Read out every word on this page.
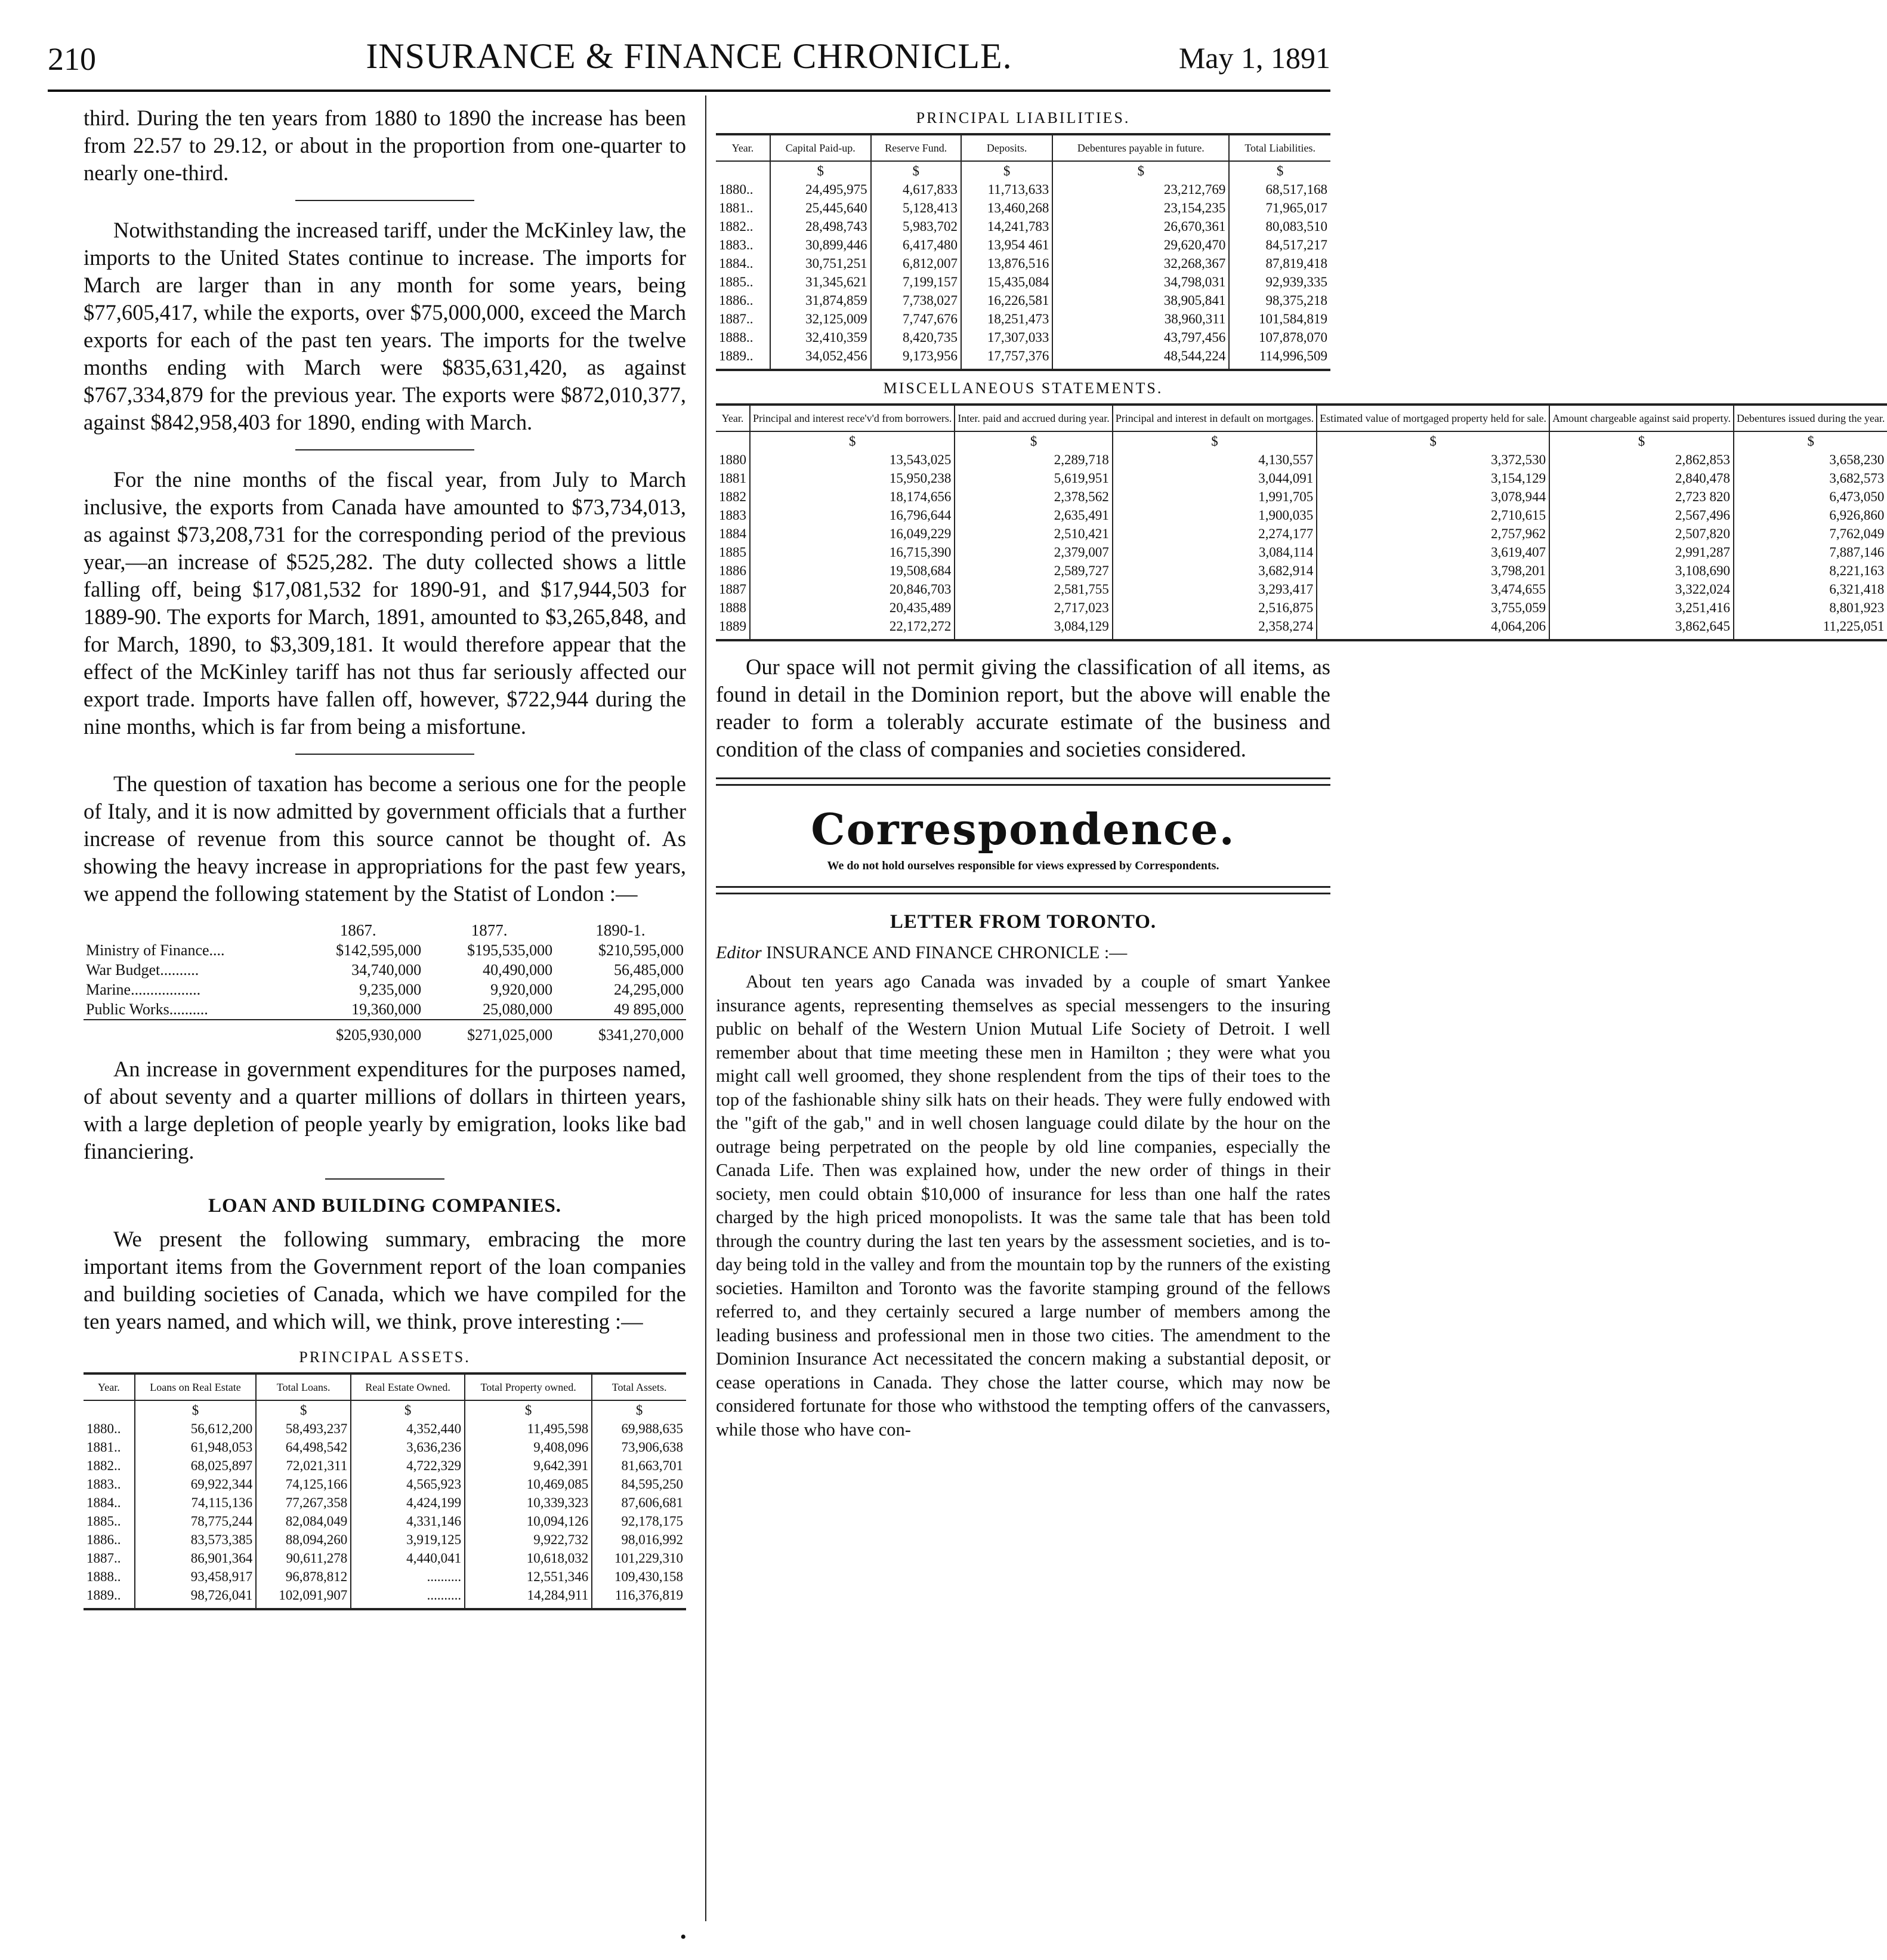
210	INSURANCE & FINANCE CHRONICLE.	May 1, 1891

third. During the ten years from 1880 to 1890 the increase has been from 22.57 to 29.12, or about in the proportion from one-quarter to nearly one-third.

Notwithstanding the increased tariff, under the McKinley law, the imports to the United States continue to increase. The imports for March are larger than in any month for some years, being $77,605,417, while the exports, over $75,000,000, exceed the March exports for each of the past ten years. The imports for the twelve months ending with March were $835,631,420, as against $767,334,879 for the previous year. The exports were $872,010,377, against $842,958,403 for 1890, ending with March.

For the nine months of the fiscal year, from July to March inclusive, the exports from Canada have amounted to $73,734,013, as against $73,208,731 for the corresponding period of the previous year,—an increase of $525,282. The duty collected shows a little falling off, being $17,081,532 for 1890-91, and $17,944,503 for 1889-90. The exports for March, 1891, amounted to $3,265,848, and for March, 1890, to $3,309,181. It would therefore appear that the effect of the McKinley tariff has not thus far seriously affected our export trade. Imports have fallen off, however, $722,944 during the nine months, which is far from being a misfortune.

The question of taxation has become a serious one for the people of Italy, and it is now admitted by government officials that a further increase of revenue from this source cannot be thought of. As showing the heavy increase in appropriations for the past few years, we append the following statement by the Statist of London :—

	1867.	1877.	1890-1.
Ministry of Finance....	$142,595,000	$195,535,000	$210,595,000
War Budget..........	34,740,000	40,490,000	56,485,000
Marine..................	9,235,000	9,920,000	24,295,000
Public Works..........	19,360,000	25,080,000	49 895,000
	$205,930,000	$271,025,000	$341,270,000

An increase in government expenditures for the purposes named, of about seventy and a quarter millions of dollars in thirteen years, with a large depletion of people yearly by emigration, looks like bad financiering.

LOAN AND BUILDING COMPANIES.

We present the following summary, embracing the more important items from the Government report of the loan companies and building societies of Canada, which we have compiled for the ten years named, and which will, we think, prove interesting :—

PRINCIPAL ASSETS.
Year.	Loans on Real Estate	Total Loans.	Real Estate Owned.	Total Property owned.	Total Assets.
	$	$	$	$	$
1880..	56,612,200	58,493,237	4,352,440	11,495,598	69,988,635
1881..	61,948,053	64,498,542	3,636,236	9,408,096	73,906,638
1882..	68,025,897	72,021,311	4,722,329	9,642,391	81,663,701
1883..	69,922,344	74,125,166	4,565,923	10,469,085	84,595,250
1884..	74,115,136	77,267,358	4,424,199	10,339,323	87,606,681
1885..	78,775,244	82,084,049	4,331,146	10,094,126	92,178,175
1886..	83,573,385	88,094,260	3,919,125	9,922,732	98,016,992
1887..	86,901,364	90,611,278	4,440,041	10,618,032	101,229,310
1888..	93,458,917	96,878,812	..........	12,551,346	109,430,158
1889..	98,726,041	102,091,907	..........	14,284,911	116,376,819
PRINCIPAL LIABILITIES.
Year.	Capital Paid-up.	Reserve Fund.	Deposits.	Debentures payable in future.	Total Liabilities.
	$	$	$	$	$
1880..	24,495,975	4,617,833	11,713,633	23,212,769	68,517,168
1881..	25,445,640	5,128,413	13,460,268	23,154,235	71,965,017
1882..	28,498,743	5,983,702	14,241,783	26,670,361	80,083,510
1883..	30,899,446	6,417,480	13,954 461	29,620,470	84,517,217
1884..	30,751,251	6,812,007	13,876,516	32,268,367	87,819,418
1885..	31,345,621	7,199,157	15,435,084	34,798,031	92,939,335
1886..	31,874,859	7,738,027	16,226,581	38,905,841	98,375,218
1887..	32,125,009	7,747,676	18,251,473	38,960,311	101,584,819
1888..	32,410,359	8,420,735	17,307,033	43,797,456	107,878,070
1889..	34,052,456	9,173,956	17,757,376	48,544,224	114,996,509
MISCELLANEOUS STATEMENTS.
Year.	Principal and interest rece'v'd from borrowers.	Inter. paid and accrued during year.	Principal and interest in default on mortgages.	Estimated value of mortgaged property held for sale.	Amount chargeable against said property.	Debentures issued during the year.
	$	$	$	$	$	$
1880	13,543,025	2,289,718	4,130,557	3,372,530	2,862,853	3,658,230
1881	15,950,238	5,619,951	3,044,091	3,154,129	2,840,478	3,682,573
1882	18,174,656	2,378,562	1,991,705	3,078,944	2,723 820	6,473,050
1883	16,796,644	2,635,491	1,900,035	2,710,615	2,567,496	6,926,860
1884	16,049,229	2,510,421	2,274,177	2,757,962	2,507,820	7,762,049
1885	16,715,390	2,379,007	3,084,114	3,619,407	2,991,287	7,887,146
1886	19,508,684	2,589,727	3,682,914	3,798,201	3,108,690	8,221,163
1887	20,846,703	2,581,755	3,293,417	3,474,655	3,322,024	6,321,418
1888	20,435,489	2,717,023	2,516,875	3,755,059	3,251,416	8,801,923
1889	22,172,272	3,084,129	2,358,274	4,064,206	3,862,645	11,225,051

Our space will not permit giving the classification of all items, as found in detail in the Dominion report, but the above will enable the reader to form a tolerably accurate estimate of the business and condition of the class of companies and societies considered.

Correspondence.
We do not hold ourselves responsible for views expressed by Correspondents.
LETTER FROM TORONTO.
Editor INSURANCE AND FINANCE CHRONICLE :—

About ten years ago Canada was invaded by a couple of smart Yankee insurance agents, representing themselves as special messengers to the insuring public on behalf of the Western Union Mutual Life Society of Detroit. I well remember about that time meeting these men in Hamilton ; they were what you might call well groomed, they shone resplendent from the tips of their toes to the top of the fashionable shiny silk hats on their heads. They were fully endowed with the "gift of the gab," and in well chosen language could dilate by the hour on the outrage being perpetrated on the people by old line companies, especially the Canada Life. Then was explained how, under the new order of things in their society, men could obtain $10,000 of insurance for less than one half the rates charged by the high priced monopolists. It was the same tale that has been told through the country during the last ten years by the assessment societies, and is to-day being told in the valley and from the mountain top by the runners of the existing societies. Hamilton and Toronto was the favorite stamping ground of the fellows referred to, and they certainly secured a large number of members among the leading business and professional men in those two cities. The amendment to the Dominion Insurance Act necessitated the concern making a substantial deposit, or cease operations in Canada. They chose the latter course, which may now be considered fortunate for those who withstood the tempting offers of the canvassers, while those who have con-

•
